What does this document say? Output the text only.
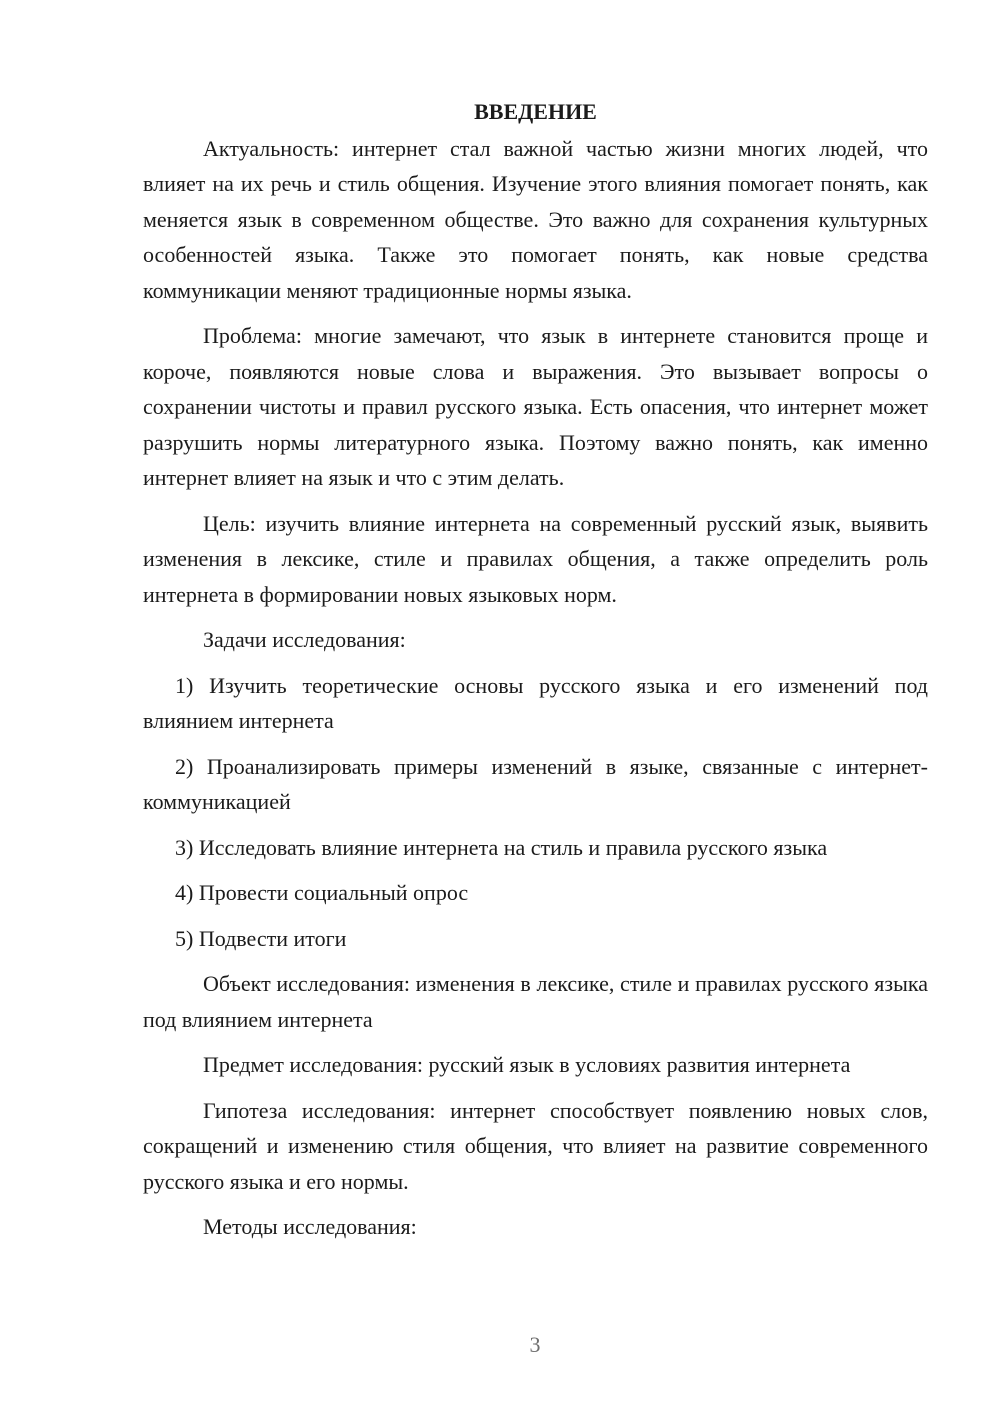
ВВЕДЕНИЕ

Актуальность: интернет стал важной частью жизни многих людей, что влияет на их речь и стиль общения. Изучение этого влияния помогает понять, как меняется язык в современном обществе. Это важно для сохранения культурных особенностей языка. Также это помогает понять, как новые средства коммуникации меняют традиционные нормы языка.

Проблема: многие замечают, что язык в интернете становится проще и короче, появляются новые слова и выражения. Это вызывает вопросы о сохранении чистоты и правил русского языка. Есть опасения, что интернет может разрушить нормы литературного языка. Поэтому важно понять, как именно интернет влияет на язык и что с этим делать.

Цель: изучить влияние интернета на современный русский язык, выявить изменения в лексике, стиле и правилах общения, а также определить роль интернета в формировании новых языковых норм.

Задачи исследования:

1) Изучить теоретические основы русского языка и его изменений под влиянием интернета

2) Проанализировать примеры изменений в языке, связанные с интернет-коммуникацией

3) Исследовать влияние интернета на стиль и правила русского языка

4) Провести социальный опрос

5) Подвести итоги

Объект исследования: изменения в лексике, стиле и правилах русского языка под влиянием интернета

Предмет исследования: русский язык в условиях развития интернета

Гипотеза исследования: интернет способствует появлению новых слов, сокращений и изменению стиля общения, что влияет на развитие современного русского языка и его нормы.

Методы исследования:

3
